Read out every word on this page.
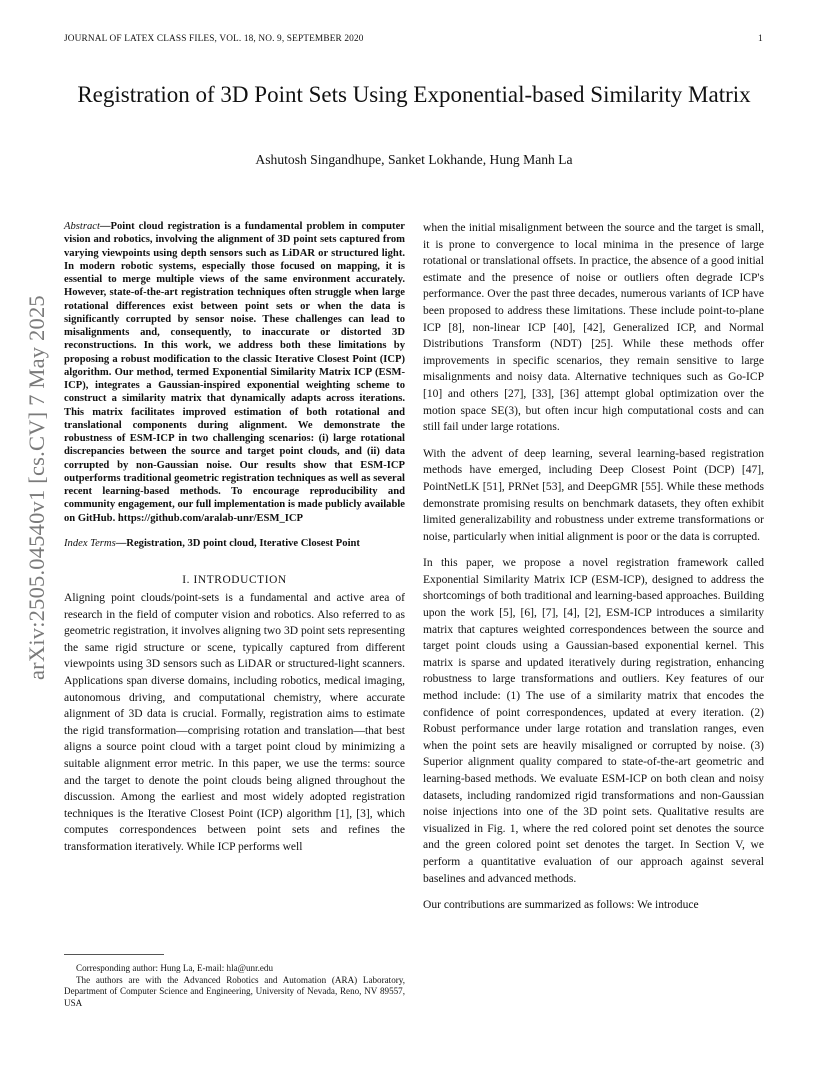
JOURNAL OF LATEX CLASS FILES, VOL. 18, NO. 9, SEPTEMBER 2020	1
arXiv:2505.04540v1 [cs.CV] 7 May 2025
Registration of 3D Point Sets Using Exponential-based Similarity Matrix

Ashutosh Singandhupe, Sanket Lokhande, Hung Manh La

Abstract—Point cloud registration is a fundamental problem in computer vision and robotics, involving the alignment of 3D point sets captured from varying viewpoints using depth sensors such as LiDAR or structured light. In modern robotic systems, especially those focused on mapping, it is essential to merge multiple views of the same environment accurately. However, state-of-the-art registration techniques often struggle when large rotational differences exist between point sets or when the data is significantly corrupted by sensor noise. These challenges can lead to misalignments and, consequently, to inaccurate or distorted 3D reconstructions. In this work, we address both these limitations by proposing a robust modification to the classic Iterative Closest Point (ICP) algorithm. Our method, termed Exponential Similarity Matrix ICP (ESM-ICP), integrates a Gaussian-inspired exponential weighting scheme to construct a similarity matrix that dynamically adapts across iterations. This matrix facilitates improved estimation of both rotational and translational components during alignment. We demonstrate the robustness of ESM-ICP in two challenging scenarios: (i) large rotational discrepancies between the source and target point clouds, and (ii) data corrupted by non-Gaussian noise. Our results show that ESM-ICP outperforms traditional geometric registration techniques as well as several recent learning-based methods. To encourage reproducibility and community engagement, our full implementation is made publicly available on GitHub. https://github.com/aralab-unr/ESM_ICP

Index Terms—Registration, 3D point cloud, Iterative Closest Point

I. INTRODUCTION

Aligning point clouds/point-sets is a fundamental and active area of research in the field of computer vision and robotics. Also referred to as geometric registration, it involves aligning two 3D point sets representing the same rigid structure or scene, typically captured from different viewpoints using 3D sensors such as LiDAR or structured-light scanners. Applications span diverse domains, including robotics, medical imaging, autonomous driving, and computational chemistry, where accurate alignment of 3D data is crucial. Formally, registration aims to estimate the rigid transformation—comprising rotation and translation—that best aligns a source point cloud with a target point cloud by minimizing a suitable alignment error metric. In this paper, we use the terms: source and the target to denote the point clouds being aligned throughout the discussion. Among the earliest and most widely adopted registration techniques is the Iterative Closest Point (ICP) algorithm [1], [3], which computes correspondences between point sets and refines the transformation iteratively. While ICP performs well

Corresponding author: Hung La, E-mail: hla@unr.edu

The authors are with the Advanced Robotics and Automation (ARA) Laboratory, Department of Computer Science and Engineering, University of Nevada, Reno, NV 89557, USA

when the initial misalignment between the source and the target is small, it is prone to convergence to local minima in the presence of large rotational or translational offsets. In practice, the absence of a good initial estimate and the presence of noise or outliers often degrade ICP's performance. Over the past three decades, numerous variants of ICP have been proposed to address these limitations. These include point-to-plane ICP [8], non-linear ICP [40], [42], Generalized ICP, and Normal Distributions Transform (NDT) [25]. While these methods offer improvements in specific scenarios, they remain sensitive to large misalignments and noisy data. Alternative techniques such as Go-ICP [10] and others [27], [33], [36] attempt global optimization over the motion space SE(3), but often incur high computational costs and can still fail under large rotations.

With the advent of deep learning, several learning-based registration methods have emerged, including Deep Closest Point (DCP) [47], PointNetLK [51], PRNet [53], and DeepGMR [55]. While these methods demonstrate promising results on benchmark datasets, they often exhibit limited generalizability and robustness under extreme transformations or noise, particularly when initial alignment is poor or the data is corrupted.

In this paper, we propose a novel registration framework called Exponential Similarity Matrix ICP (ESM-ICP), designed to address the shortcomings of both traditional and learning-based approaches. Building upon the work [5], [6], [7], [4], [2], ESM-ICP introduces a similarity matrix that captures weighted correspondences between the source and target point clouds using a Gaussian-based exponential kernel. This matrix is sparse and updated iteratively during registration, enhancing robustness to large transformations and outliers. Key features of our method include: (1) The use of a similarity matrix that encodes the confidence of point correspondences, updated at every iteration. (2) Robust performance under large rotation and translation ranges, even when the point sets are heavily misaligned or corrupted by noise. (3) Superior alignment quality compared to state-of-the-art geometric and learning-based methods. We evaluate ESM-ICP on both clean and noisy datasets, including randomized rigid transformations and non-Gaussian noise injections into one of the 3D point sets. Qualitative results are visualized in Fig. 1, where the red colored point set denotes the source and the green colored point set denotes the target. In Section V, we perform a quantitative evaluation of our approach against several baselines and advanced methods.

Our contributions are summarized as follows: We introduce
